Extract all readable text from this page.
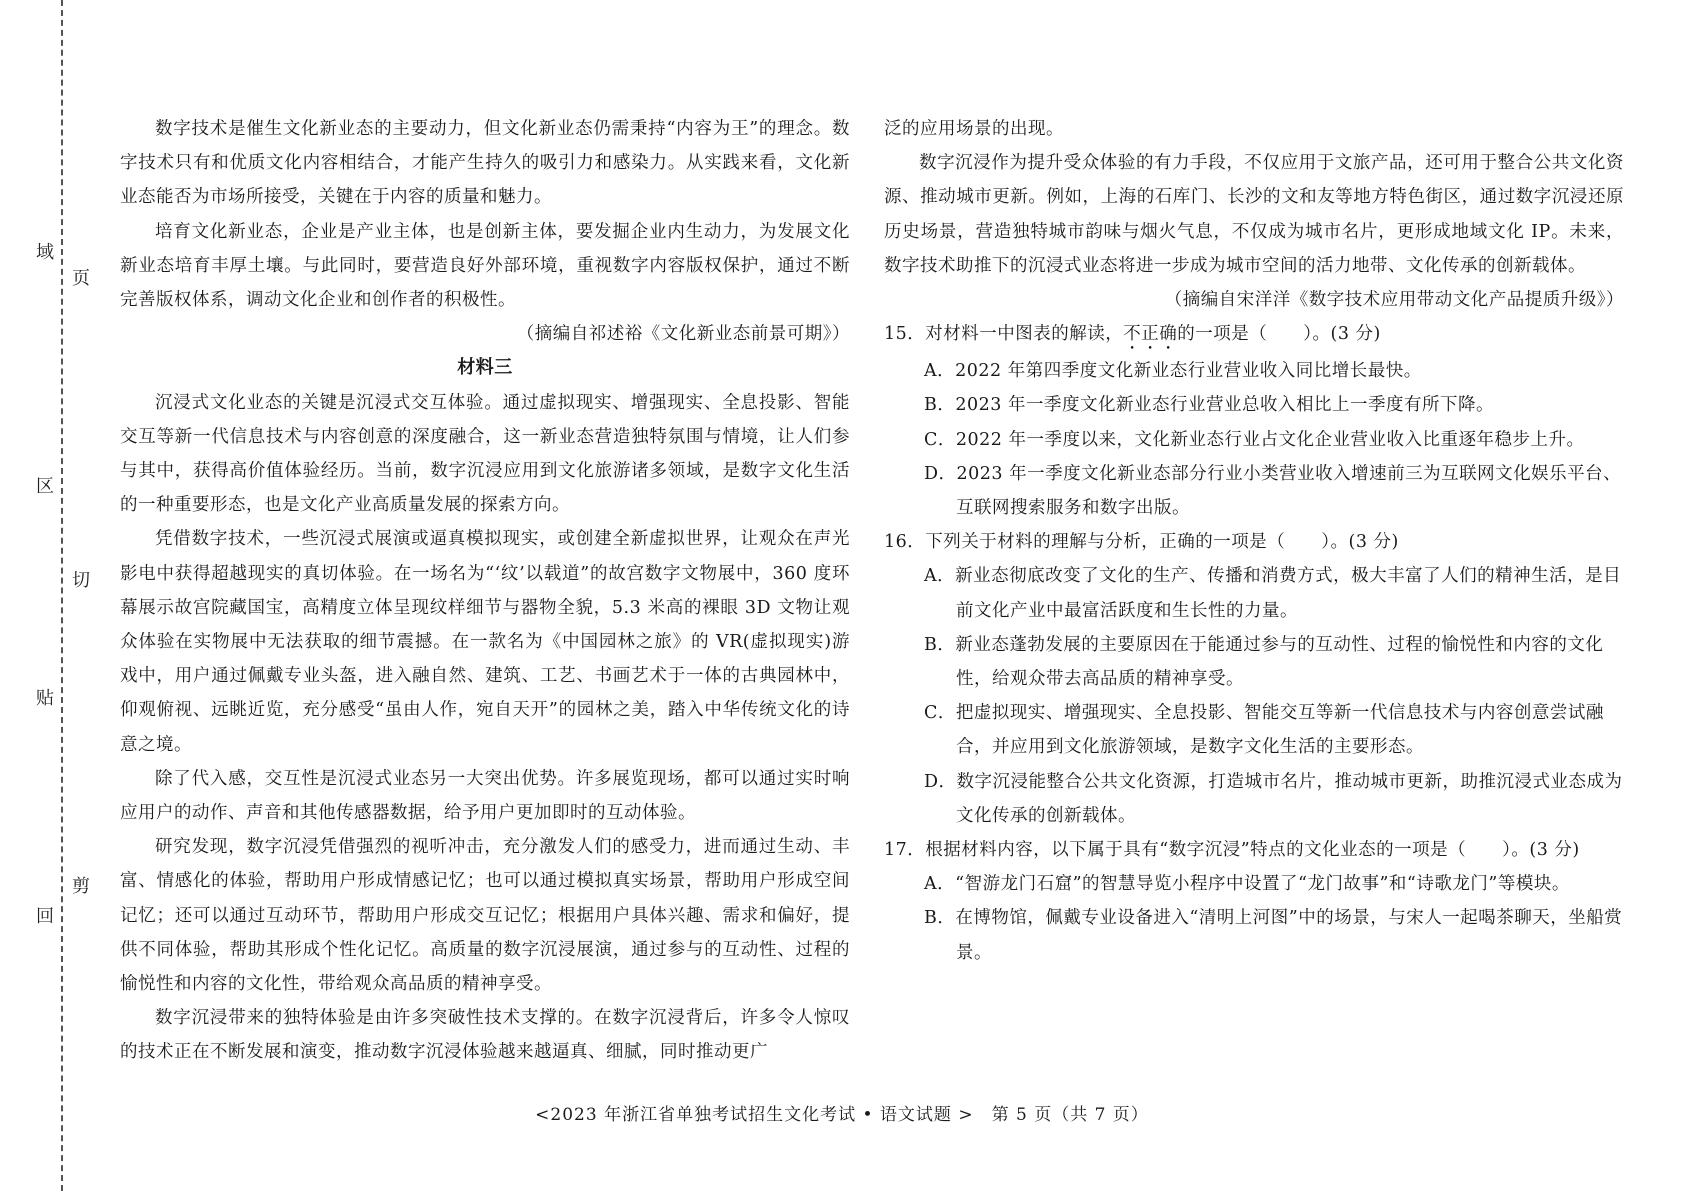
域
页
区
切
贴
剪
回

数字技术是催生文化新业态的主要动力，但文化新业态仍需秉持“内容为王”的理念。数字技术只有和优质文化内容相结合，才能产生持久的吸引力和感染力。从实践来看，文化新业态能否为市场所接受，关键在于内容的质量和魅力。

培育文化新业态，企业是产业主体，也是创新主体，要发掘企业内生动力，为发展文化新业态培育丰厚土壤。与此同时，要营造良好外部环境，重视数字内容版权保护，通过不断完善版权体系，调动文化企业和创作者的积极性。

（摘编自祁述裕《文化新业态前景可期》）

材料三

沉浸式文化业态的关键是沉浸式交互体验。通过虚拟现实、增强现实、全息投影、智能交互等新一代信息技术与内容创意的深度融合，这一新业态营造独特氛围与情境，让人们参与其中，获得高价值体验经历。当前，数字沉浸应用到文化旅游诸多领域，是数字文化生活的一种重要形态，也是文化产业高质量发展的探索方向。

凭借数字技术，一些沉浸式展演或逼真模拟现实，或创建全新虚拟世界，让观众在声光影电中获得超越现实的真切体验。在一场名为“‘纹’以载道”的故宫数字文物展中，360 度环幕展示故宫院藏国宝，高精度立体呈现纹样细节与器物全貌，5.3 米高的裸眼 3D 文物让观众体验在实物展中无法获取的细节震撼。在一款名为《中国园林之旅》的 VR(虚拟现实)游戏中，用户通过佩戴专业头盔，进入融自然、建筑、工艺、书画艺术于一体的古典园林中，仰观俯视、远眺近览，充分感受“虽由人作，宛自天开”的园林之美，踏入中华传统文化的诗意之境。

除了代入感，交互性是沉浸式业态另一大突出优势。许多展览现场，都可以通过实时响应用户的动作、声音和其他传感器数据，给予用户更加即时的互动体验。

研究发现，数字沉浸凭借强烈的视听冲击，充分激发人们的感受力，进而通过生动、丰富、情感化的体验，帮助用户形成情感记忆；也可以通过模拟真实场景，帮助用户形成空间记忆；还可以通过互动环节，帮助用户形成交互记忆；根据用户具体兴趣、需求和偏好，提供不同体验，帮助其形成个性化记忆。高质量的数字沉浸展演，通过参与的互动性、过程的愉悦性和内容的文化性，带给观众高品质的精神享受。

数字沉浸带来的独特体验是由许多突破性技术支撑的。在数字沉浸背后，许多令人惊叹的技术正在不断发展和演变，推动数字沉浸体验越来越逼真、细腻，同时推动更广

泛的应用场景的出现。

数字沉浸作为提升受众体验的有力手段，不仅应用于文旅产品，还可用于整合公共文化资源、推动城市更新。例如，上海的石库门、长沙的文和友等地方特色街区，通过数字沉浸还原历史场景，营造独特城市韵味与烟火气息，不仅成为城市名片，更形成地域文化 IP。未来，数字技术助推下的沉浸式业态将进一步成为城市空间的活力地带、文化传承的创新载体。

（摘编自宋洋洋《数字技术应用带动文化产品提质升级》）

15．对材料一中图表的解读，不正确的一项是（　　）。(3 分)

A．2022 年第四季度文化新业态行业营业收入同比增长最快。

B．2023 年一季度文化新业态行业营业总收入相比上一季度有所下降。

C．2022 年一季度以来，文化新业态行业占文化企业营业收入比重逐年稳步上升。

D．2023 年一季度文化新业态部分行业小类营业收入增速前三为互联网文化娱乐平台、互联网搜索服务和数字出版。

16．下列关于材料的理解与分析，正确的一项是（　　）。(3 分)

A．新业态彻底改变了文化的生产、传播和消费方式，极大丰富了人们的精神生活，是目前文化产业中最富活跃度和生长性的力量。

B．新业态蓬勃发展的主要原因在于能通过参与的互动性、过程的愉悦性和内容的文化性，给观众带去高品质的精神享受。

C．把虚拟现实、增强现实、全息投影、智能交互等新一代信息技术与内容创意尝试融合，并应用到文化旅游领域，是数字文化生活的主要形态。

D．数字沉浸能整合公共文化资源，打造城市名片，推动城市更新，助推沉浸式业态成为文化传承的创新载体。

17．根据材料内容，以下属于具有“数字沉浸”特点的文化业态的一项是（　　）。(3 分)

A．“智游龙门石窟”的智慧导览小程序中设置了“龙门故事”和“诗歌龙门”等模块。

B．在博物馆，佩戴专业设备进入“清明上河图”中的场景，与宋人一起喝茶聊天，坐船赏景。

<2023 年浙江省单独考试招生文化考试 • 语文试题 >　第 5 页（共 7 页）
